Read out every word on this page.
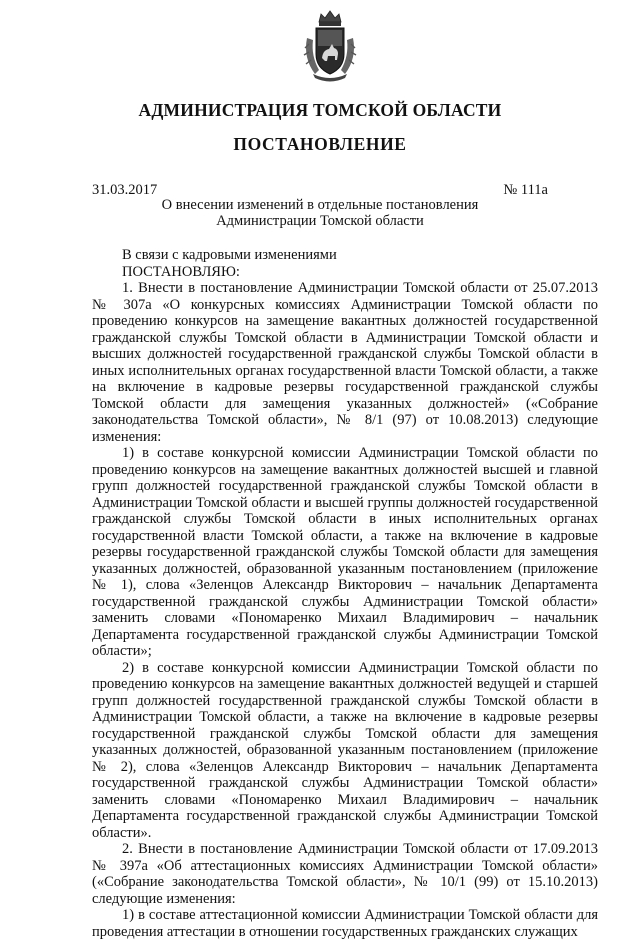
АДМИНИСТРАЦИЯ ТОМСКОЙ ОБЛАСТИ
ПОСТАНОВЛЕНИЕ
31.03.2017	№ 111а
О внесении изменений в отдельные постановления
Администрации Томской области

В связи с кадровыми изменениями

ПОСТАНОВЛЯЮ:

1. Внести в постановление Администрации Томской области от 25.07.2013 № 307а «О конкурсных комиссиях Администрации Томской области по проведению конкурсов на замещение вакантных должностей государственной гражданской службы Томской области в Администрации Томской области и высших должностей государственной гражданской службы Томской области в иных исполнительных органах государственной власти Томской области, а также на включение в кадровые резервы государственной гражданской службы Томской области для замещения указанных должностей» («Собрание законодательства Томской области», № 8/1 (97) от 10.08.2013) следующие изменения:

1) в составе конкурсной комиссии Администрации Томской области по проведению конкурсов на замещение вакантных должностей высшей и главной групп должностей государственной гражданской службы Томской области в Администрации Томской области и высшей группы должностей государственной гражданской службы Томской области в иных исполнительных органах государственной власти Томской области, а также на включение в кадровые резервы государственной гражданской службы Томской области для замещения указанных должностей, образованной указанным постановлением (приложение № 1), слова «Зеленцов Александр Викторович – начальник Департамента государственной гражданской службы Администрации Томской области» заменить словами «Пономаренко Михаил Владимирович – начальник Департамента государственной гражданской службы Администрации Томской области»;

2) в составе конкурсной комиссии Администрации Томской области по проведению конкурсов на замещение вакантных должностей ведущей и старшей групп должностей государственной гражданской службы Томской области в Администрации Томской области, а также на включение в кадровые резервы государственной гражданской службы Томской области для замещения указанных должностей, образованной указанным постановлением (приложение № 2), слова «Зеленцов Александр Викторович – начальник Департамента государственной гражданской службы Администрации Томской области» заменить словами «Пономаренко Михаил Владимирович – начальник Департамента государственной гражданской службы Администрации Томской области».

2. Внести в постановление Администрации Томской области от 17.09.2013 № 397а «Об аттестационных комиссиях Администрации Томской области» («Собрание законодательства Томской области», № 10/1 (99) от 15.10.2013) следующие изменения:

1) в составе аттестационной комиссии Администрации Томской области для проведения аттестации в отношении государственных гражданских служащих
